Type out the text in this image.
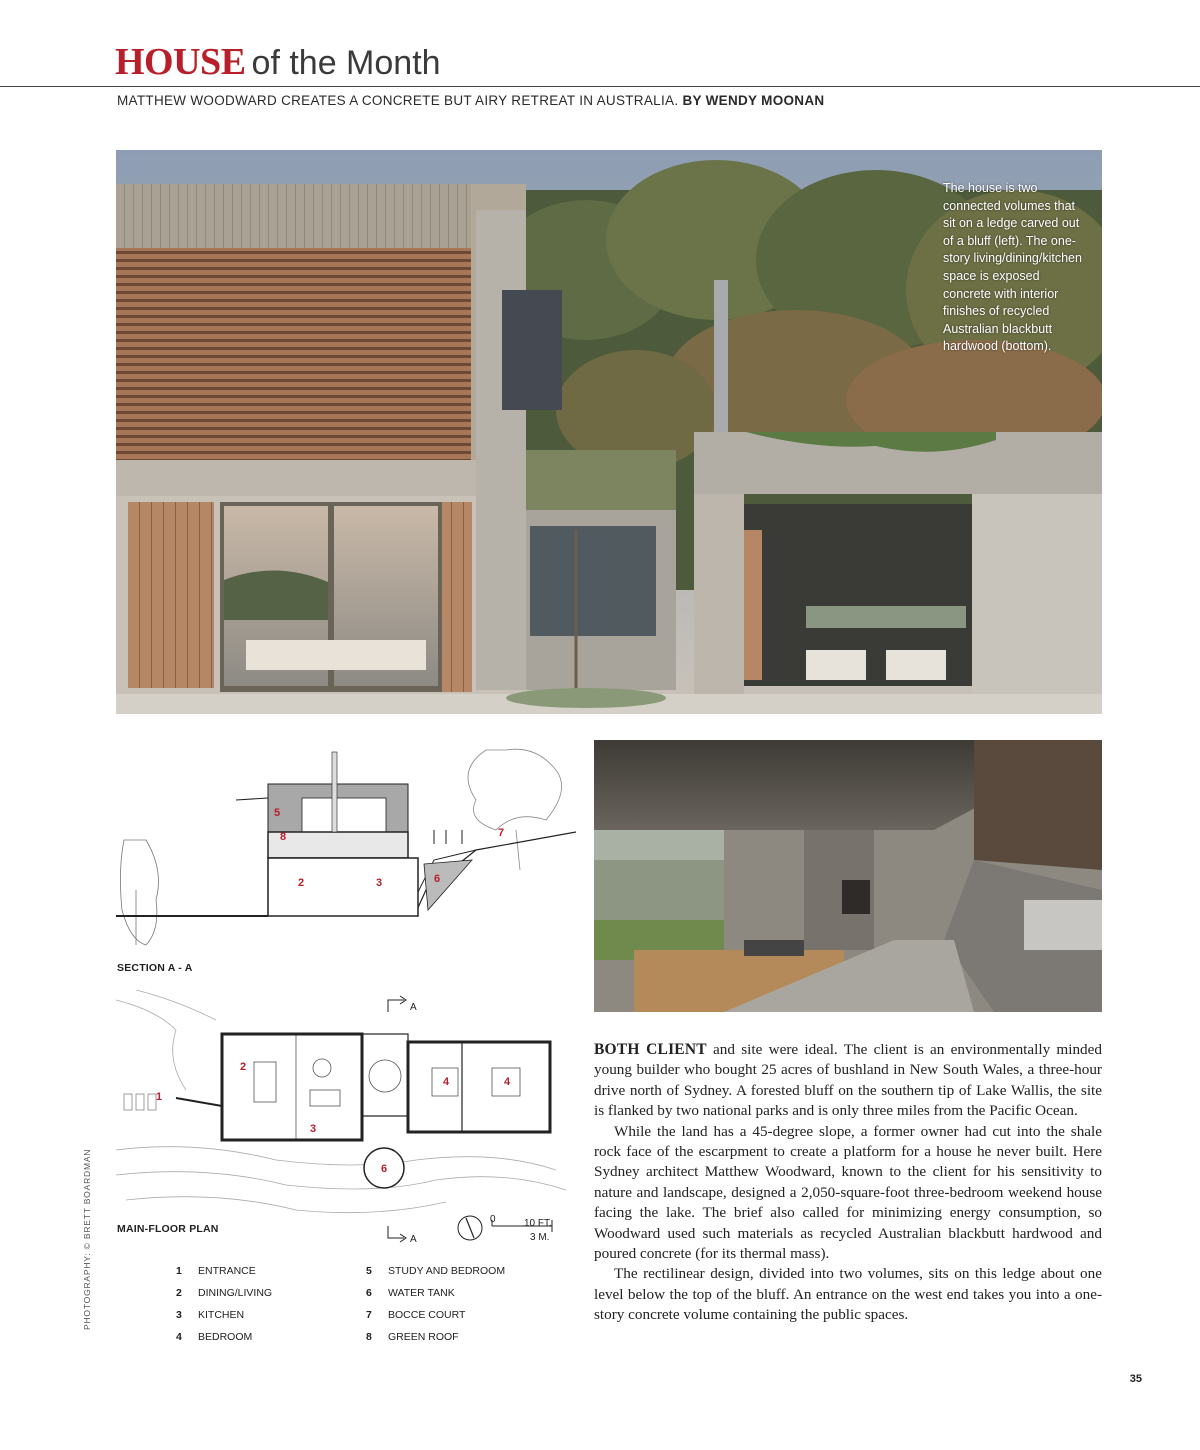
HOUSE of the Month
MATTHEW WOODWARD CREATES A CONCRETE BUT AIRY RETREAT IN AUSTRALIA. BY WENDY MOONAN
The house is two connected volumes that sit on a ledge carved out of a bluff (left). The one-story living/dining/kitchen space is exposed concrete with interior finishes of recycled Australian blackbutt hardwood (bottom).
5
8
2	3	6
7
SECTION A - A
A
A
0	10 FT.
3 M.
1
2
3
4	4
6
MAIN-FLOOR PLAN
1	ENTRANCE
2	DINING/LIVING
3	KITCHEN
4	BEDROOM
5	STUDY AND BEDROOM
6	WATER TANK
7	BOCCE COURT
8	GREEN ROOF

BOTH CLIENT and site were ideal. The client is an environmentally minded young builder who bought 25 acres of bushland in New South Wales, a three-hour drive north of Sydney. A forested bluff on the southern tip of Lake Wallis, the site is flanked by two national parks and is only three miles from the Pacific Ocean.

While the land has a 45-degree slope, a former owner had cut into the shale rock face of the escarpment to create a platform for a house he never built. Here Sydney architect Matthew Woodward, known to the client for his sensitivity to nature and landscape, designed a 2,050-square-foot three-bedroom weekend house facing the lake. The brief also called for minimizing energy consumption, so Woodward used such materials as recycled Australian blackbutt hardwood and poured concrete (for its thermal mass).

The rectilinear design, divided into two volumes, sits on this ledge about one level below the top of the bluff. An entrance on the west end takes you into a one-story concrete volume containing the public spaces.

PHOTOGRAPHY: © BRETT BOARDMAN
35
